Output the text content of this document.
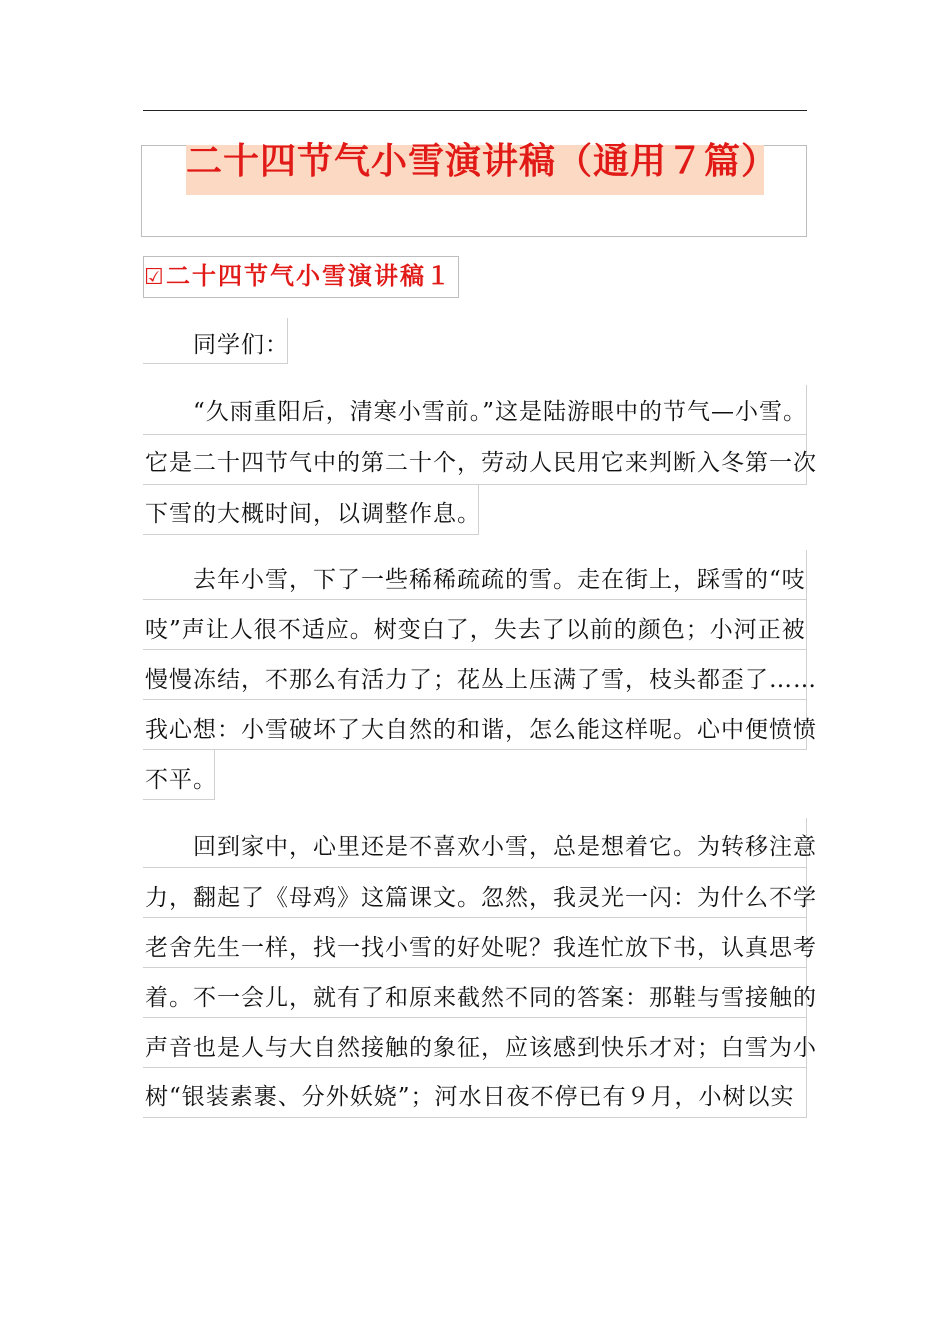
二十四节气小雪演讲稿（通用７篇）
☑ 二十四节气小雪演讲稿１
同学们：
“久雨重阳后，清寒小雪前。”这是陆游眼中的节气—小雪。
它是二十四节气中的第二十个，劳动人民用它来判断入冬第一次
下雪的大概时间，以调整作息。
去年小雪，下了一些稀稀疏疏的雪。走在街上，踩雪的“吱
吱”声让人很不适应。树变白了，失去了以前的颜色；小河正被
慢慢冻结，不那么有活力了；花丛上压满了雪，枝头都歪了……
我心想：小雪破坏了大自然的和谐，怎么能这样呢。心中便愤愤
不平。
回到家中，心里还是不喜欢小雪，总是想着它。为转移注意
力，翻起了《母鸡》这篇课文。忽然，我灵光一闪：为什么不学
老舍先生一样，找一找小雪的好处呢？我连忙放下书，认真思考
着。不一会儿，就有了和原来截然不同的答案：那鞋与雪接触的
声音也是人与大自然接触的象征，应该感到快乐才对；白雪为小
树“银装素裹、分外妖娆”；河水日夜不停已有９月，小树以实
